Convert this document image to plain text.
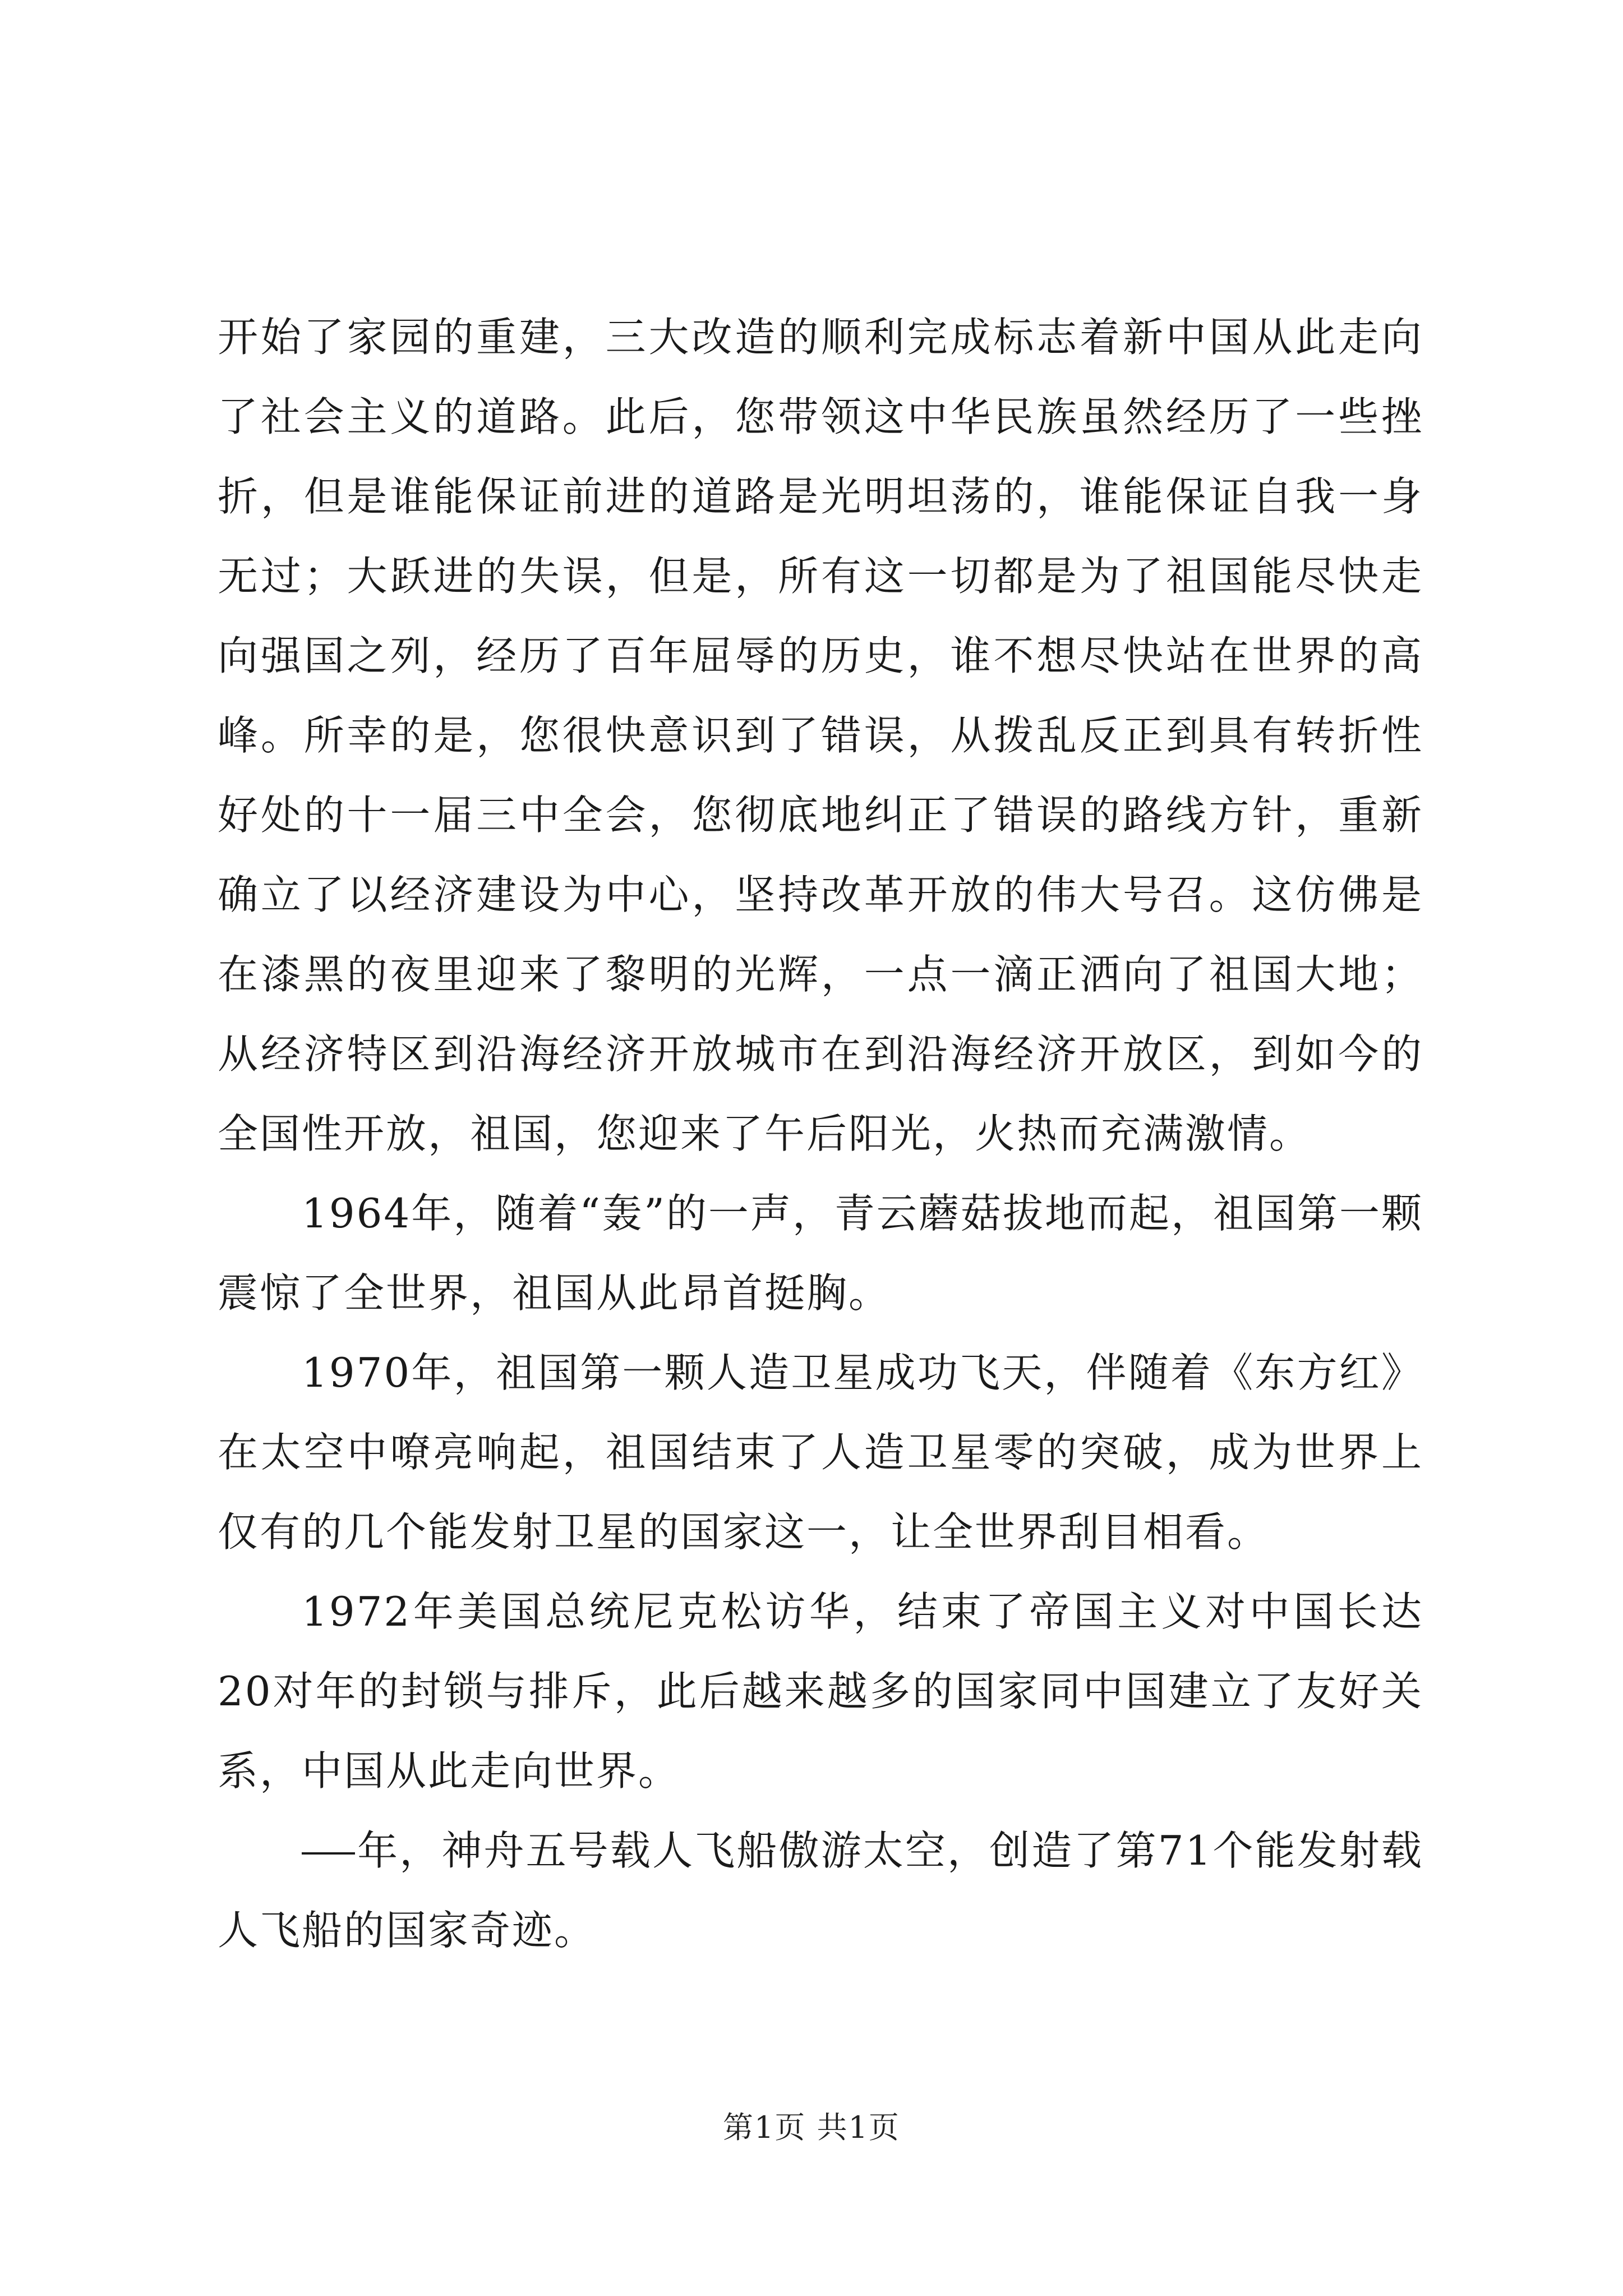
开始了家园的重建，三大改造的顺利完成标志着新中国从此走向了社会主义的道路。此后，您带领这中华民族虽然经历了一些挫折，但是谁能保证前进的道路是光明坦荡的，谁能保证自我一身无过；大跃进的失误，但是，所有这一切都是为了祖国能尽快走向强国之列，经历了百年屈辱的历史，谁不想尽快站在世界的高峰。所幸的是，您很快意识到了错误，从拨乱反正到具有转折性好处的十一届三中全会，您彻底地纠正了错误的路线方针，重新确立了以经济建设为中心，坚持改革开放的伟大号召。这仿佛是在漆黑的夜里迎来了黎明的光辉，一点一滴正洒向了祖国大地；从经济特区到沿海经济开放城市在到沿海经济开放区，到如今的全国性开放，祖国，您迎来了午后阳光，火热而充满激情。

1964年，随着“轰”的一声，青云蘑菇拔地而起，祖国第一颗震惊了全世界，祖国从此昂首挺胸。

1970年，祖国第一颗人造卫星成功飞天，伴随着《东方红》在太空中嘹亮响起，祖国结束了人造卫星零的突破，成为世界上仅有的几个能发射卫星的国家这一，让全世界刮目相看。

1972年美国总统尼克松访华，结束了帝国主义对中国长达20对年的封锁与排斥，此后越来越多的国家同中国建立了友好关系，中国从此走向世界。

年，神舟五号载人飞船傲游太空，创造了第71个能发射载人飞船的国家奇迹。

第1页 共1页
